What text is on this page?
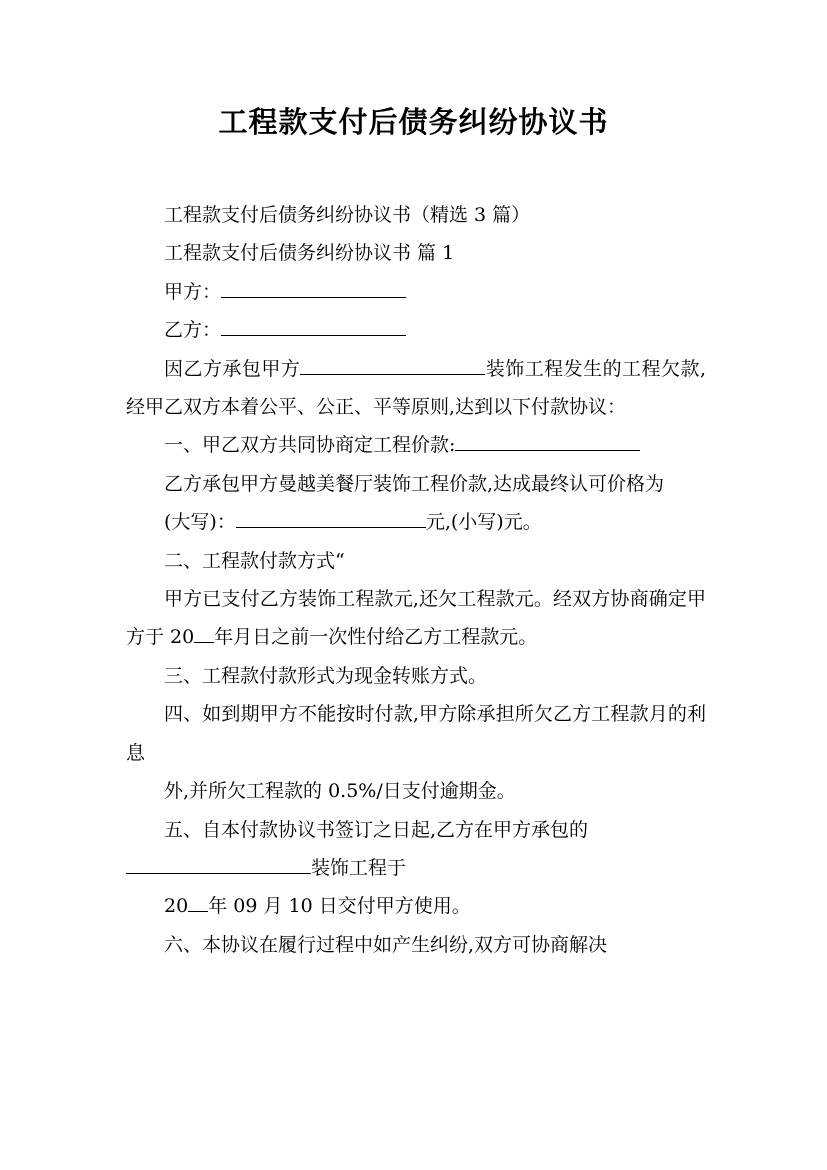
工程款支付后债务纠纷协议书

工程款支付后债务纠纷协议书（精选 3 篇）

工程款支付后债务纠纷协议书 篇 1

甲方：

乙方：

因乙方承包甲方	装饰工程发生的工程欠款,经甲乙双方本着公平、公正、平等原则,达到以下付款协议：

一、甲乙双方共同协商定工程价款:

乙方承包甲方曼越美餐厅装饰工程价款,达成最终认可价格为

(大写)：	元,(小写)元。

二、工程款付款方式“

甲方已支付乙方装饰工程款元,还欠工程款元。经双方协商确定甲方于 20 年月日之前一次性付给乙方工程款元。

三、工程款付款形式为现金转账方式。

四、如到期甲方不能按时付款,甲方除承担所欠乙方工程款月的利息

外,并所欠工程款的 0.5%/日支付逾期金。

五、自本付款协议书签订之日起,乙方在甲方承包的

装饰工程于

20 年 09 月 10 日交付甲方使用。

六、本协议在履行过程中如产生纠纷,双方可协商解决
